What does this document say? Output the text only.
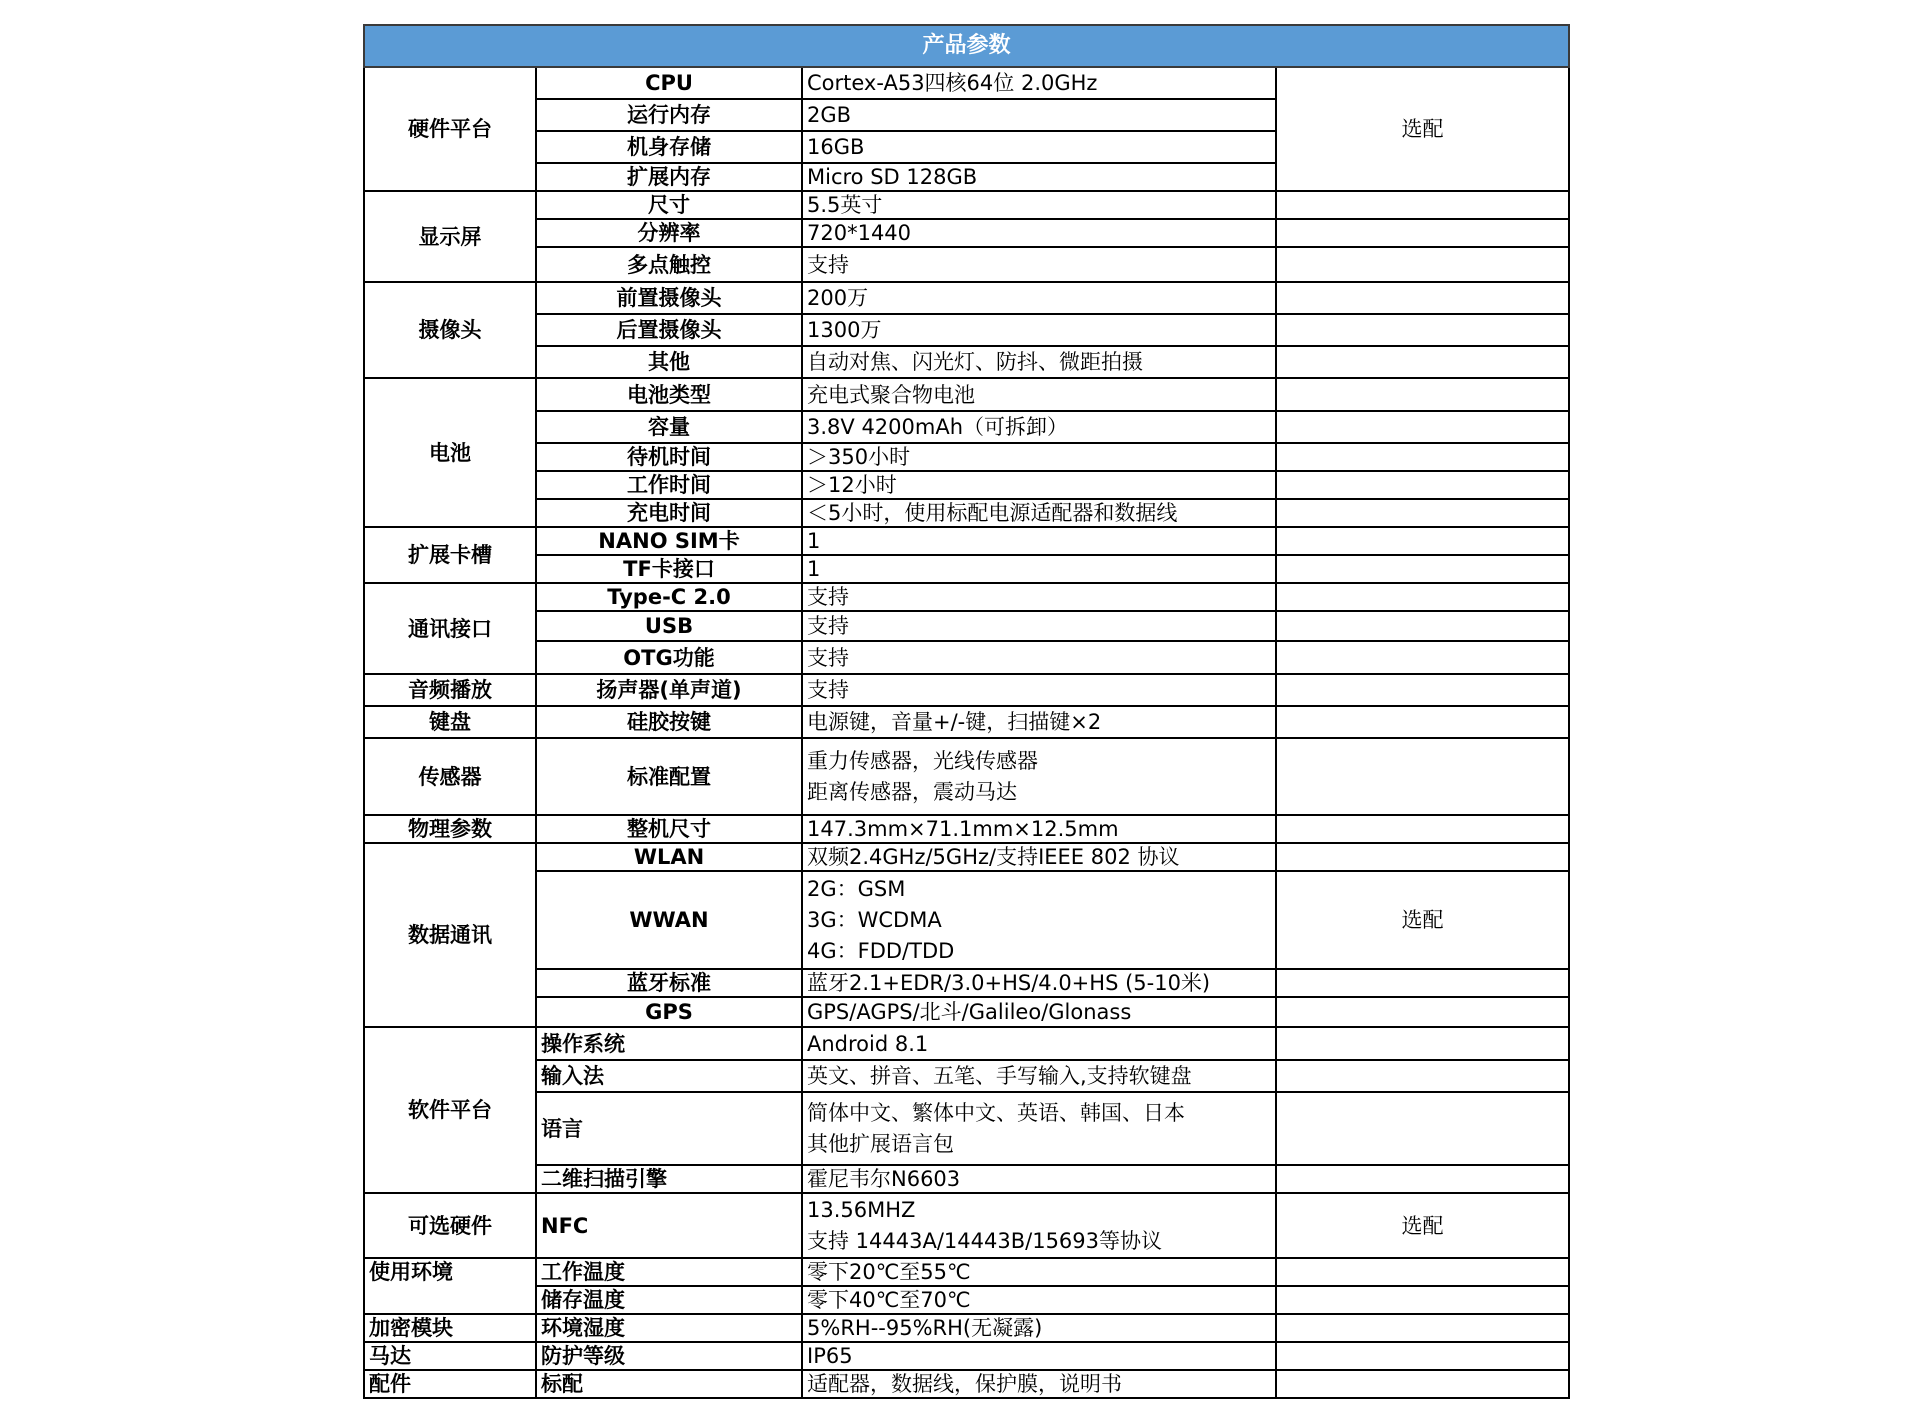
产品参数			
硬件平台	CPU	Cortex-A53四核64位 2.0GHz	选配
	运行内存	2GB	
	机身存储	16GB	
	扩展内存	Micro SD 128GB	
显示屏	尺寸	5.5英寸	
	分辨率	720*1440	
	多点触控	支持	
摄像头	前置摄像头	200万	
	后置摄像头	1300万	
	其他	自动对焦、闪光灯、防抖、微距拍摄	
电池	电池类型	充电式聚合物电池	
	容量	3.8V 4200mAh（可拆卸）	
	待机时间	＞350小时	
	工作时间	＞12小时	
	充电时间	＜5小时，使用标配电源适配器和数据线	
扩展卡槽	NANO SIM卡	1	
	TF卡接口	1	
通讯接口	Type-C 2.0	支持	
	USB	支持	
	OTG功能	支持	
音频播放	扬声器(单声道)	支持	
键盘	硅胶按键	电源键，音量+/-键，扫描键×2	
传感器	标准配置	重力传感器，光线传感器
距离传感器，震动马达	

物理参数	整机尺寸	147.3mm×71.1mm×12.5mm	
数据通讯	WLAN	双频2.4GHz/5GHz/支持IEEE 802 协议	
	WWAN	2G：GSM
3G：WCDMA
4G：FDD/TDD	选配
	蓝牙标准	蓝牙2.1+EDR/3.0+HS/4.0+HS (5-10米)	
	GPS	GPS/AGPS/北斗/Galileo/Glonass	
软件平台	操作系统	Android 8.1	
	输入法	英文、拼音、五笔、手写输入,支持软键盘	
	语言	简体中文、繁体中文、英语、韩国、日本
其他扩展语言包	

	二维扫描引擎	霍尼韦尔N6603	
可选硬件	NFC	13.56MHZ
支持 14443A/14443B/15693等协议	选配
使用环境	工作温度	零下20℃至55℃	
	储存温度	零下40℃至70℃	
加密模块	环境湿度	5%RH--95%RH(无凝露)	
马达	防护等级	IP65	
配件	标配	适配器，数据线，保护膜，说明书	
